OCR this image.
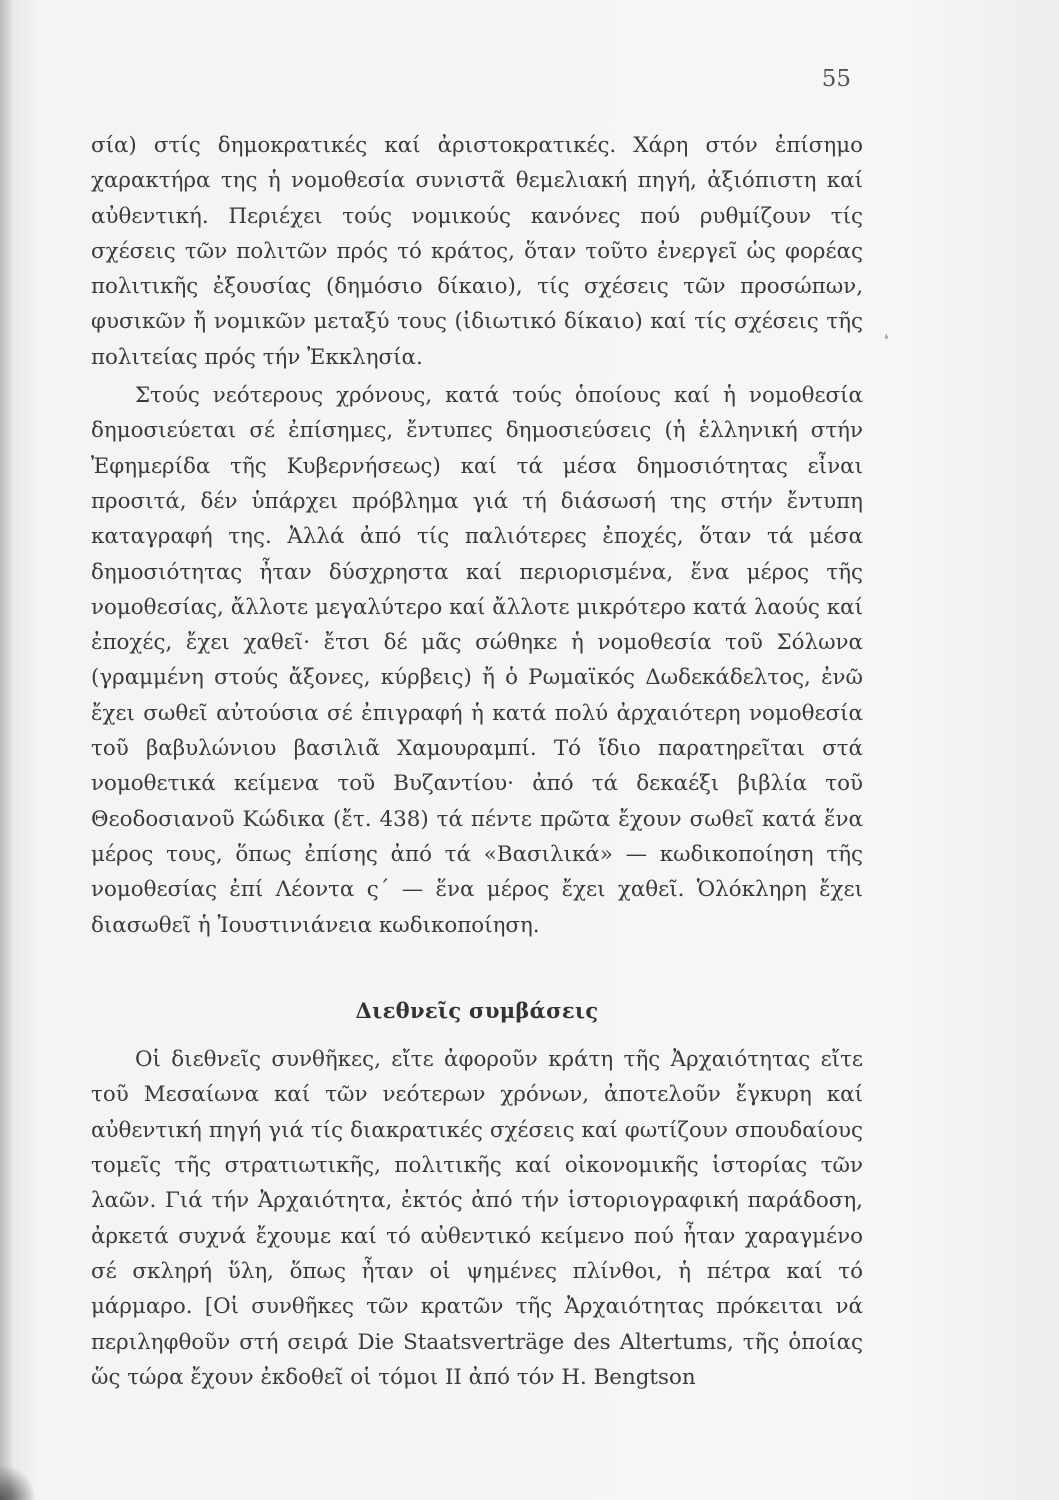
55
❛

σία) στίς δημοκρατικές καί ἀριστοκρατικές. Χάρη στόν ἐπίσημο χαρακτήρα της ἡ νομοθεσία συνιστᾶ θεμελιακή πηγή, ἀξιόπιστη καί αὐθεντική. Περιέχει τούς νομικούς κανόνες πού ρυθμίζουν τίς σχέσεις τῶν πολιτῶν πρός τό κράτος, ὅταν τοῦτο ἐνεργεῖ ὡς φορέας πολιτικῆς ἐξουσίας (δημόσιο δίκαιο), τίς σχέσεις τῶν προσώπων, φυσικῶν ἤ νομικῶν μεταξύ τους (ἰδιωτικό δίκαιο) καί τίς σχέσεις τῆς πολιτείας πρός τήν Ἐκκλησία.

Στούς νεότερους χρόνους, κατά τούς ὁποίους καί ἡ νομοθεσία δημοσιεύεται σέ ἐπίσημες, ἔντυπες δημοσιεύσεις (ἡ ἑλληνική στήν Ἐφημερίδα τῆς Κυβερνήσεως) καί τά μέσα δημοσιότητας εἶναι προσιτά, δέν ὑπάρχει πρόβλημα γιά τή διάσωσή της στήν ἔντυπη καταγραφή της. Ἀλλά ἀπό τίς παλιότερες ἐποχές, ὅταν τά μέσα δημοσιότητας ἦταν δύσχρηστα καί περιορισμένα, ἕνα μέρος τῆς νομοθεσίας, ἄλλοτε μεγαλύτερο καί ἄλλοτε μικρότερο κατά λαούς καί ἐποχές, ἔχει χαθεῖ· ἔτσι δέ μᾶς σώθηκε ἡ νομοθεσία τοῦ Σόλωνα (γραμμένη στούς ἄξονες, κύρβεις) ἤ ὁ Ρωμαϊκός Δωδεκάδελτος, ἐνῶ ἔχει σωθεῖ αὐτούσια σέ ἐπιγραφή ἡ κατά πολύ ἀρχαιότερη νομοθεσία τοῦ βαβυλώνιου βασιλιᾶ Χαμουραμπί. Τό ἴδιο παρατηρεῖται στά νομοθετικά κείμενα τοῦ Βυζαντίου· ἀπό τά δεκαέξι βιβλία τοῦ Θεοδοσιανοῦ Κώδικα (ἔτ. 438) τά πέντε πρῶτα ἔχουν σωθεῖ κατά ἕνα μέρος τους, ὅπως ἐπίσης ἀπό τά «Βασιλικά» — κωδικοποίηση τῆς νομοθεσίας ἐπί Λέοντα ς΄ — ἕνα μέρος ἔχει χαθεῖ. Ὁλόκληρη ἔχει διασωθεῖ ἡ Ἰουστινιάνεια κωδικοποίηση.

Διεθνεῖς συμβάσεις

Οἱ διεθνεῖς συνθῆκες, εἴτε ἀφοροῦν κράτη τῆς Ἀρχαιότητας εἴτε τοῦ Μεσαίωνα καί τῶν νεότερων χρόνων, ἀποτελοῦν ἔγκυρη καί αὐθεντική πηγή γιά τίς διακρατικές σχέσεις καί φωτίζουν σπουδαίους τομεῖς τῆς στρατιωτικῆς, πολιτικῆς καί οἰκονομικῆς ἱστορίας τῶν λαῶν. Γιά τήν Ἀρχαιότητα, ἐκτός ἀπό τήν ἱστοριογραφική παράδοση, ἀρκετά συχνά ἔχουμε καί τό αὐθεντικό κείμενο πού ἦταν χαραγμένο σέ σκληρή ὕλη, ὅπως ἦταν οἱ ψημένες πλίνθοι, ἡ πέτρα καί τό μάρμαρο. [Οἱ συνθῆκες τῶν κρατῶν τῆς Ἀρχαιότητας πρόκειται νά περιληφθοῦν στή σειρά Die Staatsverträge des Altertums, τῆς ὁποίας ὥς τώρα ἔχουν ἐκδοθεῖ οἱ τόμοι II ἀπό τόν H. Bengtson
